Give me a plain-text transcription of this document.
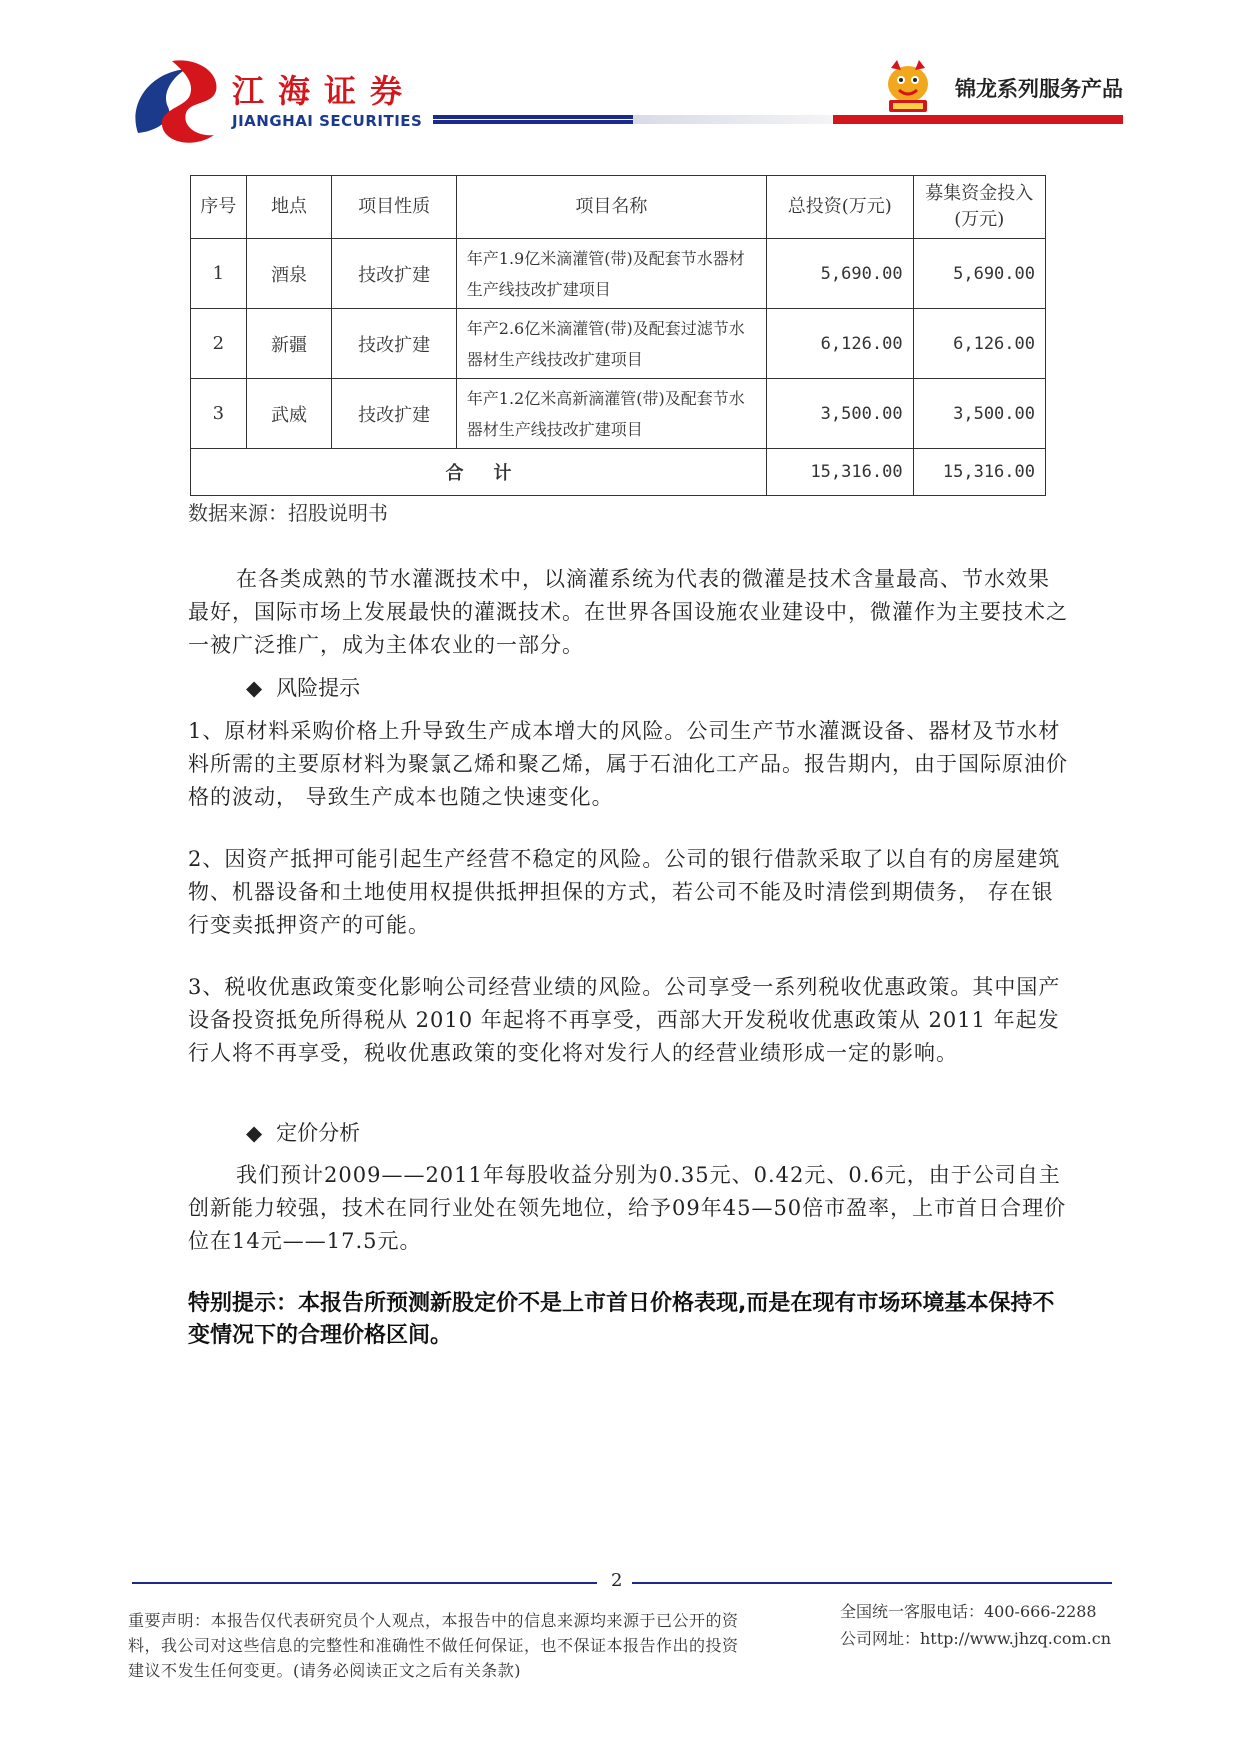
江海证券
JIANGHAI SECURITIES
锦龙系列服务产品
序号	地点	项目性质	项目名称	总投资(万元)	募集资金投入(万元)
1	酒泉	技改扩建	年产1.9亿米滴灌管(带)及配套节水器材生产线技改扩建项目	5,690.00	5,690.00
2	新疆	技改扩建	年产2.6亿米滴灌管(带)及配套过滤节水器材生产线技改扩建项目	6,126.00	6,126.00
3	武威	技改扩建	年产1.2亿米高新滴灌管(带)及配套节水器材生产线技改扩建项目	3,500.00	3,500.00
合计				15,316.00	15,316.00
数据来源：招股说明书

在各类成熟的节水灌溉技术中，以滴灌系统为代表的微灌是技术含量最高、节水效果最好，国际市场上发展最快的灌溉技术。在世界各国设施农业建设中，微灌作为主要技术之一被广泛推广，成为主体农业的一部分。

◆ 风险提示

1、原材料采购价格上升导致生产成本增大的风险。公司生产节水灌溉设备、器材及节水材料所需的主要原材料为聚氯乙烯和聚乙烯，属于石油化工产品。报告期内，由于国际原油价格的波动， 导致生产成本也随之快速变化。

2、因资产抵押可能引起生产经营不稳定的风险。公司的银行借款采取了以自有的房屋建筑物、机器设备和土地使用权提供抵押担保的方式，若公司不能及时清偿到期债务， 存在银行变卖抵押资产的可能。

3、税收优惠政策变化影响公司经营业绩的风险。公司享受一系列税收优惠政策。其中国产设备投资抵免所得税从 2010 年起将不再享受，西部大开发税收优惠政策从 2011 年起发行人将不再享受，税收优惠政策的变化将对发行人的经营业绩形成一定的影响。

◆ 定价分析

我们预计2009——2011年每股收益分别为0.35元、0.42元、0.6元，由于公司自主创新能力较强，技术在同行业处在领先地位，给予09年45—50倍市盈率，上市首日合理价位在14元——17.5元。

特别提示：本报告所预测新股定价不是上市首日价格表现,而是在现有市场环境基本保持不变情况下的合理价格区间。

2

重要声明：本报告仅代表研究员个人观点，本报告中的信息来源均来源于已公开的资料，我公司对这些信息的完整性和准确性不做任何保证，也不保证本报告作出的投资建议不发生任何变更。(请务必阅读正文之后有关条款)

全国统一客服电话：400-666-2288
公司网址：http://www.jhzq.com.cn
